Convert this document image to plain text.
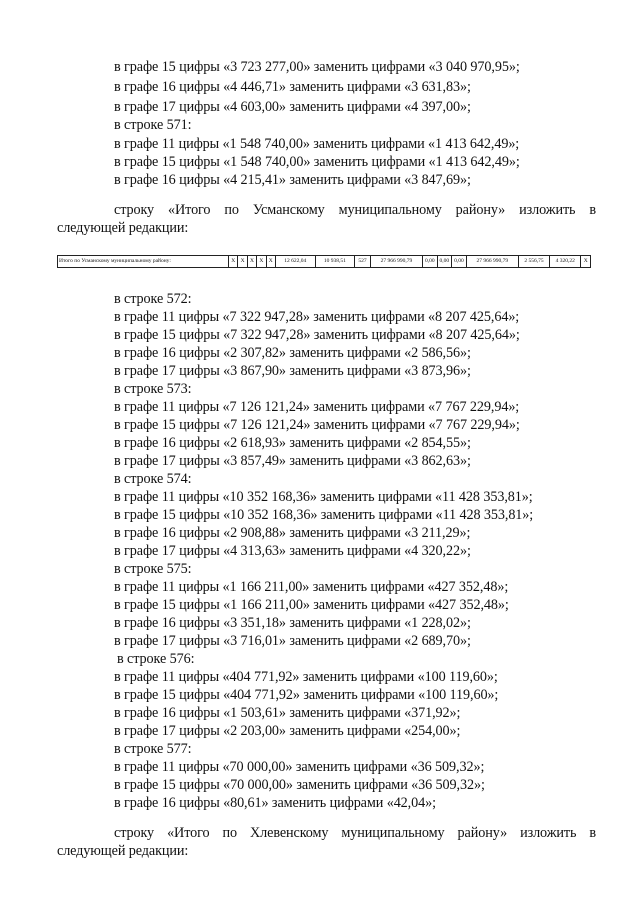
в графе 15 цифры «3 723 277,00» заменить цифрами «3 040 970,95»;
в графе 16 цифры «4 446,71» заменить цифрами «3 631,83»;
в графе 17 цифры «4 603,00» заменить цифрами «4 397,00»;
в строке 571:
в графе 11 цифры «1 548 740,00» заменить цифрами «1 413 642,49»;
в графе 15 цифры «1 548 740,00» заменить цифрами «1 413 642,49»;
в графе 16 цифры «4 215,41» заменить цифрами «3 847,69»;
строку «Итого по Усманскому муниципальному району» изложить в
следующей редакции:
Итого по Усманскому муниципальному району:	Х	Х	Х	Х	Х	12 622,04	10 938,51	527	27 966 990,79	0,00	0,00	0,00	27 966 990,79	2 556,75	4 320,22	Х
в строке 572:
в графе 11 цифры «7 322 947,28» заменить цифрами «8 207 425,64»;
в графе 15 цифры «7 322 947,28» заменить цифрами «8 207 425,64»;
в графе 16 цифры «2 307,82» заменить цифрами «2 586,56»;
в графе 17 цифры «3 867,90» заменить цифрами «3 873,96»;
в строке 573:
в графе 11 цифры «7 126 121,24» заменить цифрами «7 767 229,94»;
в графе 15 цифры «7 126 121,24» заменить цифрами «7 767 229,94»;
в графе 16 цифры «2 618,93» заменить цифрами «2 854,55»;
в графе 17 цифры «3 857,49» заменить цифрами «3 862,63»;
в строке 574:
в графе 11 цифры «10 352 168,36» заменить цифрами «11 428 353,81»;
в графе 15 цифры «10 352 168,36» заменить цифрами «11 428 353,81»;
в графе 16 цифры «2 908,88» заменить цифрами «3 211,29»;
в графе 17 цифры «4 313,63» заменить цифрами «4 320,22»;
в строке 575:
в графе 11 цифры «1 166 211,00» заменить цифрами «427 352,48»;
в графе 15 цифры «1 166 211,00» заменить цифрами «427 352,48»;
в графе 16 цифры «3 351,18» заменить цифрами «1 228,02»;
в графе 17 цифры «3 716,01» заменить цифрами «2 689,70»;
в строке 576:
в графе 11 цифры «404 771,92» заменить цифрами «100 119,60»;
в графе 15 цифры «404 771,92» заменить цифрами «100 119,60»;
в графе 16 цифры «1 503,61» заменить цифрами «371,92»;
в графе 17 цифры «2 203,00» заменить цифрами «254,00»;
в строке 577:
в графе 11 цифры «70 000,00» заменить цифрами «36 509,32»;
в графе 15 цифры «70 000,00» заменить цифрами «36 509,32»;
в графе 16 цифры «80,61» заменить цифрами «42,04»;
строку «Итого по Хлевенскому муниципальному району» изложить в
следующей редакции:
